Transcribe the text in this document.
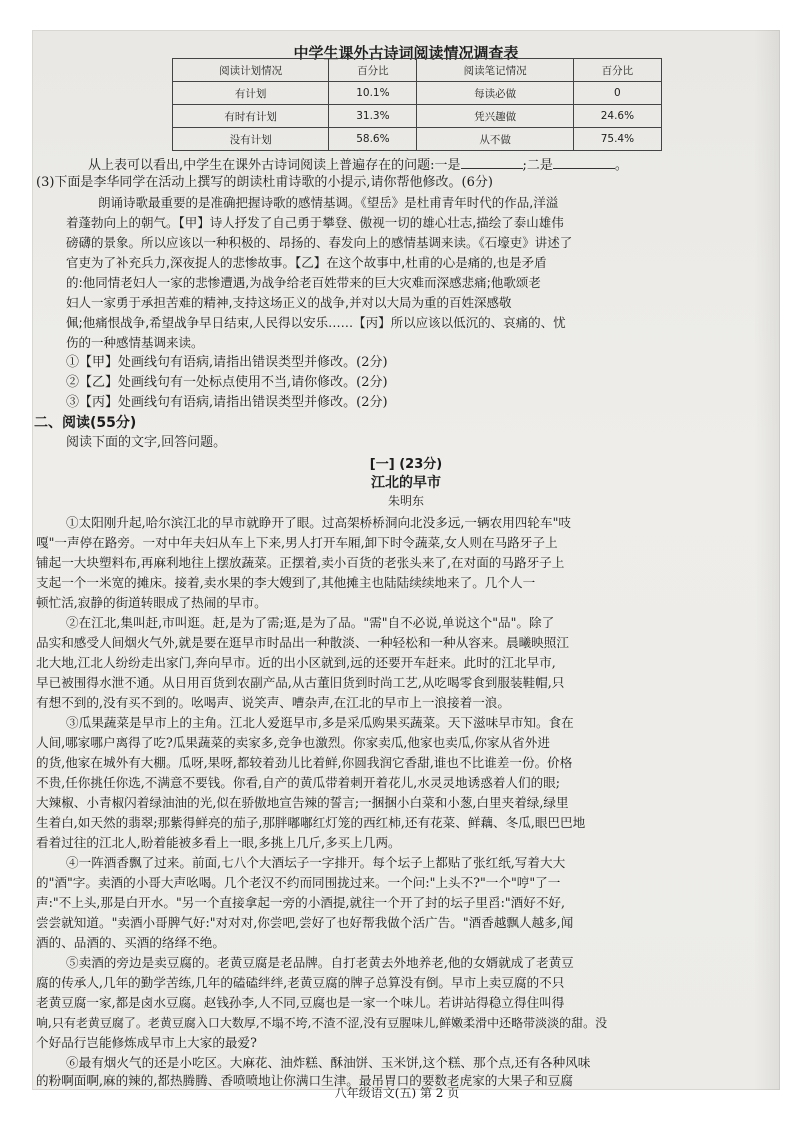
中学生课外古诗词阅读情况调查表
阅读计划情况	百分比	阅读笔记情况	百分比
有计划	10.1%	每读必做	0
有时有计划	31.3%	凭兴趣做	24.6%
没有计划	58.6%	从不做	75.4%
从上表可以看出,中学生在课外古诗词阅读上普遍存在的问题:一是	;二是	。
(3)下面是李华同学在活动上撰写的朗读杜甫诗歌的小提示,请你帮他修改。(6分)
朗诵诗歌最重要的是准确把握诗歌的感情基调。《望岳》是杜甫青年时代的作品,洋溢
着蓬勃向上的朝气。【甲】诗人抒发了自己勇于攀登、傲视一切的雄心壮志,描绘了泰山雄伟
磅礴的景象。所以应该以一种积极的、昂扬的、春发向上的感情基调来读。《石壕吏》讲述了
官吏为了补充兵力,深夜捉人的悲惨故事。【乙】在这个故事中,杜甫的心是痛的,也是矛盾
的:他同情老妇人一家的悲惨遭遇,为战争给老百姓带来的巨大灾难而深感悲痛;他歌颂老
妇人一家勇于承担苦难的精神,支持这场正义的战争,并对以大局为重的百姓深感敬
佩;他痛恨战争,希望战争早日结束,人民得以安乐……【丙】所以应该以低沉的、哀痛的、忧
伤的一种感情基调来读。
①【甲】处画线句有语病,请指出错误类型并修改。(2分)
②【乙】处画线句有一处标点使用不当,请你修改。(2分)
③【丙】处画线句有语病,请指出错误类型并修改。(2分)
二、阅读(55分)
阅读下面的文字,回答问题。
[一] (23分)
江北的早市
朱明东
①太阳刚升起,哈尔滨江北的早市就睁开了眼。过高架桥桥洞向北没多远,一辆农用四轮车"吱
嘎"一声停在路旁。一对中年夫妇从车上下来,男人打开车厢,卸下时令蔬菜,女人则在马路牙子上
铺起一大块塑料布,再麻利地往上摆放蔬菜。正摆着,卖小百货的老张头来了,在对面的马路牙子上
支起一个一米宽的摊床。接着,卖水果的李大嫂到了,其他摊主也陆陆续续地来了。几个人一
顿忙活,寂静的街道转眼成了热闹的早市。
②在江北,集叫赶,市叫逛。赶,是为了需;逛,是为了品。"需"自不必说,单说这个"品"。除了
品实和感受人间烟火气外,就是要在逛早市时品出一种散淡、一种轻松和一种从容来。晨曦映照江
北大地,江北人纷纷走出家门,奔向早市。近的出小区就到,远的还要开车赶来。此时的江北早市,
早已被围得水泄不通。从日用百货到农副产品,从古董旧货到时尚工艺,从吃喝零食到服装鞋帽,只
有想不到的,没有买不到的。吆喝声、说笑声、嘈杂声,在江北的早市上一浪接着一浪。
③瓜果蔬菜是早市上的主角。江北人爱逛早市,多是采瓜购果买蔬菜。天下滋味早市知。食在
人间,哪家哪户离得了吃?瓜果蔬菜的卖家多,竞争也激烈。你家卖瓜,他家也卖瓜,你家从省外进
的货,他家在城外有大棚。瓜呀,果呀,都较着劲儿比着鲜,你圆我润它香甜,谁也不比谁差一份。价格
不贵,任你挑任你选,不满意不要钱。你看,自产的黄瓜带着刺开着花儿,水灵灵地诱惑着人们的眼;
大辣椒、小青椒闪着绿油油的光,似在骄傲地宣告辣的誓言;一捆捆小白菜和小葱,白里夹着绿,绿里
生着白,如天然的翡翠;那紫得鲜亮的茄子,那胖嘟嘟红灯笼的西红柿,还有花菜、鲜藕、冬瓜,眼巴巴地
看着过往的江北人,盼着能被多看上一眼,多挑上几斤,多买上几两。
④一阵酒香飘了过来。前面,七八个大酒坛子一字排开。每个坛子上都贴了张红纸,写着大大
的"酒"字。卖酒的小哥大声吆喝。几个老汉不约而同围拢过来。一个问:"上头不?"一个"哼"了一
声:"不上头,那是白开水。"另一个直接拿起一旁的小酒提,就往一个开了封的坛子里舀:"酒好不好,
尝尝就知道。"卖酒小哥脾气好:"对对对,你尝吧,尝好了也好帮我做个活广告。"酒香越飘人越多,闻
酒的、品酒的、买酒的络绎不绝。
⑤卖酒的旁边是卖豆腐的。老黄豆腐是老品牌。自打老黄去外地养老,他的女婿就成了老黄豆
腐的传承人,几年的勤学苦练,几年的磕磕绊绊,老黄豆腐的牌子总算没有倒。早市上卖豆腐的不只
老黄豆腐一家,都是卤水豆腐。赵钱孙李,人不同,豆腐也是一家一个味儿。若讲站得稳立得住叫得
响,只有老黄豆腐了。老黄豆腐入口大数厚,不塌不垮,不渣不涩,没有豆腥味儿,鲜嫩柔滑中还略带淡淡的甜。没
个好品行岂能修炼成早市上大家的最爱?
⑥最有烟火气的还是小吃区。大麻花、油炸糕、酥油饼、玉米饼,这个糕、那个点,还有各种风味
的粉啊面啊,麻的辣的,都热腾腾、香喷喷地让你满口生津。最吊胃口的要数老虎家的大果子和豆腐
八年级语文(五) 第 2 页
